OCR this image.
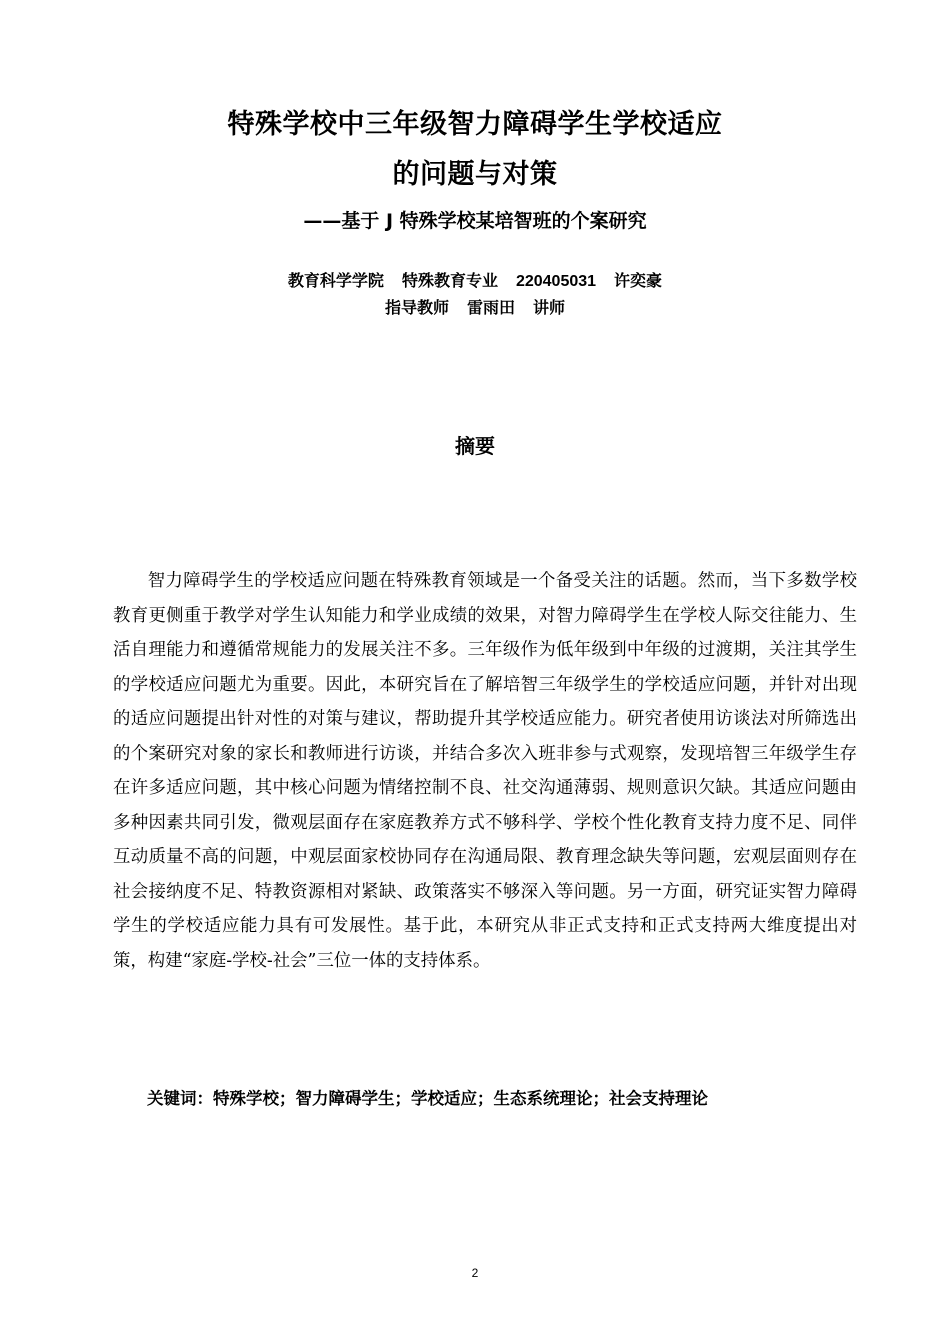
特殊学校中三年级智力障碍学生学校适应
的问题与对策
——基于 J 特殊学校某培智班的个案研究
教育科学学院 特殊教育专业 220405031 许奕豪
指导教师 雷雨田 讲师
摘要

智力障碍学生的学校适应问题在特殊教育领域是一个备受关注的话题。然而，当下多数学校教育更侧重于教学对学生认知能力和学业成绩的效果，对智力障碍学生在学校人际交往能力、生活自理能力和遵循常规能力的发展关注不多。三年级作为低年级到中年级的过渡期，关注其学生的学校适应问题尤为重要。因此，本研究旨在了解培智三年级学生的学校适应问题，并针对出现的适应问题提出针对性的对策与建议，帮助提升其学校适应能力。研究者使用访谈法对所筛选出的个案研究对象的家长和教师进行访谈，并结合多次入班非参与式观察，发现培智三年级学生存在许多适应问题，其中核心问题为情绪控制不良、社交沟通薄弱、规则意识欠缺。其适应问题由多种因素共同引发，微观层面存在家庭教养方式不够科学、学校个性化教育支持力度不足、同伴互动质量不高的问题，中观层面家校协同存在沟通局限、教育理念缺失等问题，宏观层面则存在社会接纳度不足、特教资源相对紧缺、政策落实不够深入等问题。另一方面，研究证实智力障碍学生的学校适应能力具有可发展性。基于此，本研究从非正式支持和正式支持两大维度提出对策，构建“家庭-学校-社会”三位一体的支持体系。

关键词：特殊学校；智力障碍学生；学校适应；生态系统理论；社会支持理论

2
